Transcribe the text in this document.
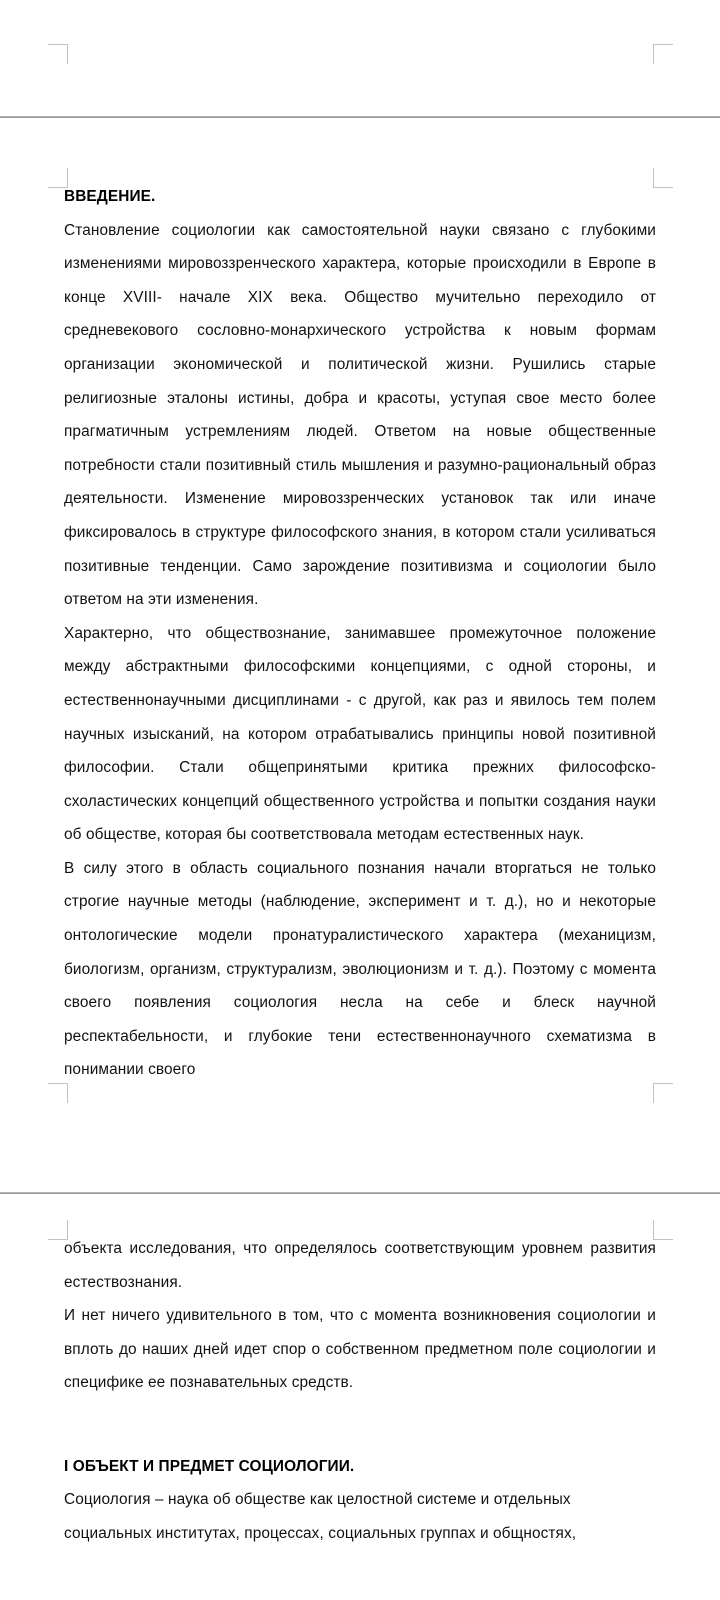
ВВЕДЕНИЕ.

Становление социологии как самостоятельной науки связано с глубокими изменениями мировоззренческого характера, которые происходили в Европе в конце XVIII- начале XIX века. Общество мучительно переходило от средневекового сословно-монархического устройства к новым формам организации экономической и политической жизни. Рушились старые религиозные эталоны истины, добра и красоты, уступая свое место более прагматичным устремлениям людей. Ответом на новые общественные потребности стали позитивный стиль мышления и разумно-рациональный образ деятельности. Изменение мировоззренческих установок так или иначе фиксировалось в структуре философского знания, в котором стали усиливаться позитивные тенденции. Само зарождение позитивизма и социологии было ответом на эти изменения.

Характерно, что обществознание, занимавшее промежуточное положение между абстрактными философскими концепциями, с одной стороны, и естественнонаучными дисциплинами - с другой, как раз и явилось тем полем научных изысканий, на котором отрабатывались принципы новой позитивной философии. Стали общепринятыми критика прежних философско-схоластических концепций общественного устройства и попытки создания науки об обществе, которая бы соответствовала методам естественных наук.

В силу этого в область социального познания начали вторгаться не только строгие научные методы (наблюдение, эксперимент и т. д.), но и некоторые онтологические модели пронатуралистического характера (механицизм, биологизм, организм, структурализм, эволюционизм и т. д.). Поэтому с момента своего появления социология несла на себе и блеск научной респектабельности, и глубокие тени естественнонаучного схематизма в понимании своего

объекта исследования, что определялось соответствующим уровнем развития естествознания.

И нет ничего удивительного в том, что с момента возникновения социологии и вплоть до наших дней идет спор о собственном предметном поле социологии и специфике ее познавательных средств.

I ОБЪЕКТ И ПРЕДМЕТ СОЦИОЛОГИИ.

Социология – наука об обществе как целостной системе и отдельных социальных институтах, процессах, социальных группах и общностях,
